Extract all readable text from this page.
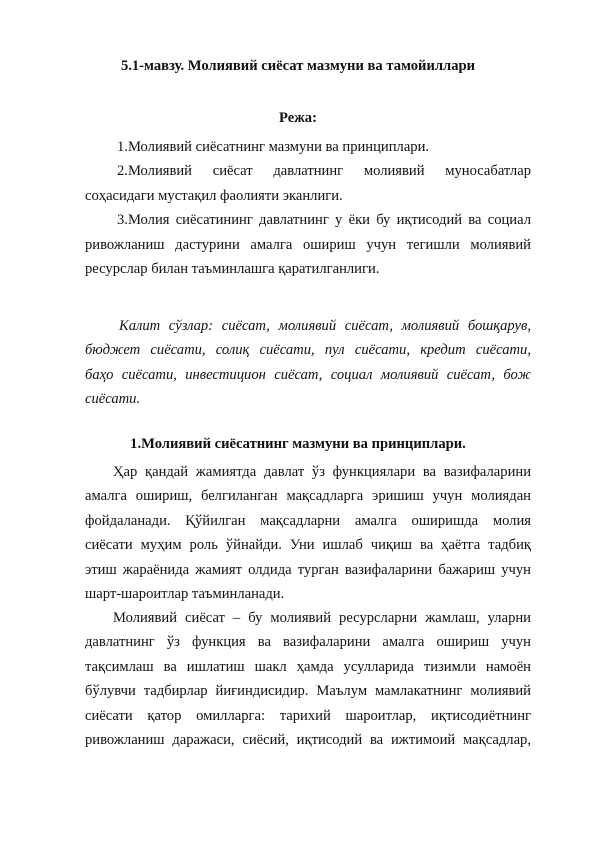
5.1-мавзу. Молиявий сиёсат мазмуни ва тамойиллари
Режа:
1.Молиявий сиёсатнинг мазмуни ва принциплари.
2.Молиявий сиёсат давлатнинг молиявий муносабатлар
соҳасидаги мустақил фаолияти эканлиги.
3.Молия сиёсатининг давлатнинг у ёки бу иқтисодий ва социал
ривожланиш дастурини амалга ошириш учун тегишли молиявий
ресурслар билан таъминлашга қаратилганлиги.
Калит сўзлар: сиёсат, молиявий сиёсат, молиявий бошқарув,
бюджет сиёсати, солиқ сиёсати, пул сиёсати, кредит сиёсати,
баҳо сиёсати, инвестицион сиёсат, социал молиявий сиёсат, бож
сиёсати.
1.Молиявий сиёсатнинг мазмуни ва принциплари.
Ҳар қандай жамиятда давлат ўз функциялари ва вазифаларини
амалга ошириш, белгиланган мақсадларга эришиш учун молиядан
фойдаланади. Қўйилган мақсадларни амалга оширишда молия
сиёсати муҳим роль ўйнайди. Уни ишлаб чиқиш ва ҳаётга тадбиқ
этиш жараёнида жамият олдида турган вазифаларини бажариш учун
шарт-шароитлар таъминланади.
Молиявий сиёсат – бу молиявий ресурсларни жамлаш, уларни
давлатнинг ўз функция ва вазифаларини амалга ошириш учун
тақсимлаш ва ишлатиш шакл ҳамда усулларида тизимли намоён
бўлувчи тадбирлар йиғиндисидир. Маълум мамлакатнинг молиявий
сиёсати қатор омилларга: тарихий шароитлар, иқтисодиётнинг
ривожланиш даражаси, сиёсий, иқтисодий ва ижтимоий мақсадлар,
